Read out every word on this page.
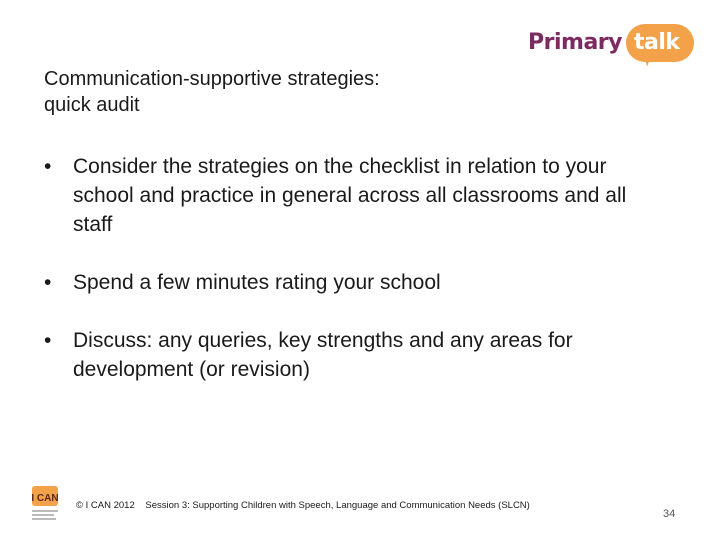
Primary talk
Communication-supportive strategies:
quick audit
• Consider the strategies on the checklist in relation to your school and practice in general across all classrooms and all staff
• Spend a few minutes rating your school
• Discuss: any queries, key strengths and any areas for development (or revision)
I CAN
© I CAN 2012 Session 3: Supporting Children with Speech, Language and Communication Needs (SLCN)
34
